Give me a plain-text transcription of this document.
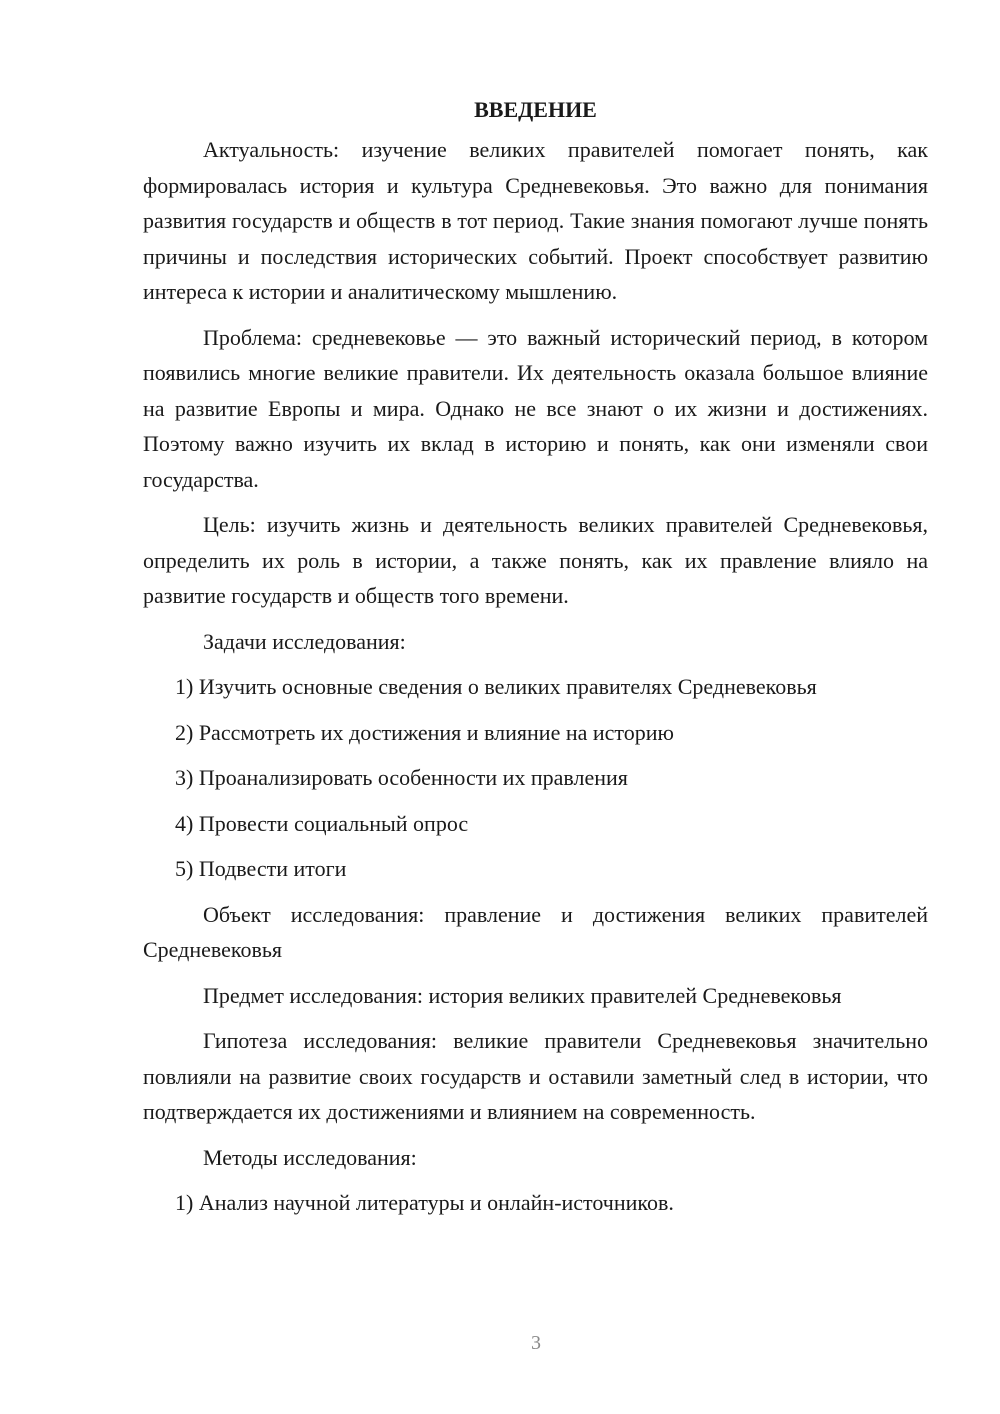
ВВЕДЕНИЕ

Актуальность: изучение великих правителей помогает понять, как формировалась история и культура Средневековья. Это важно для понимания развития государств и обществ в тот период. Такие знания помогают лучше понять причины и последствия исторических событий. Проект способствует развитию интереса к истории и аналитическому мышлению.

Проблема: средневековье — это важный исторический период, в котором появились многие великие правители. Их деятельность оказала большое влияние на развитие Европы и мира. Однако не все знают о их жизни и достижениях. Поэтому важно изучить их вклад в историю и понять, как они изменяли свои государства.

Цель: изучить жизнь и деятельность великих правителей Средневековья, определить их роль в истории, а также понять, как их правление влияло на развитие государств и обществ того времени.

Задачи исследования:

1) Изучить основные сведения о великих правителях Средневековья

2) Рассмотреть их достижения и влияние на историю

3) Проанализировать особенности их правления

4) Провести социальный опрос

5) Подвести итоги

Объект исследования: правление и достижения великих правителей Средневековья

Предмет исследования: история великих правителей Средневековья

Гипотеза исследования: великие правители Средневековья значительно повлияли на развитие своих государств и оставили заметный след в истории, что подтверждается их достижениями и влиянием на современность.

Методы исследования:

1) Анализ научной литературы и онлайн-источников.

3
